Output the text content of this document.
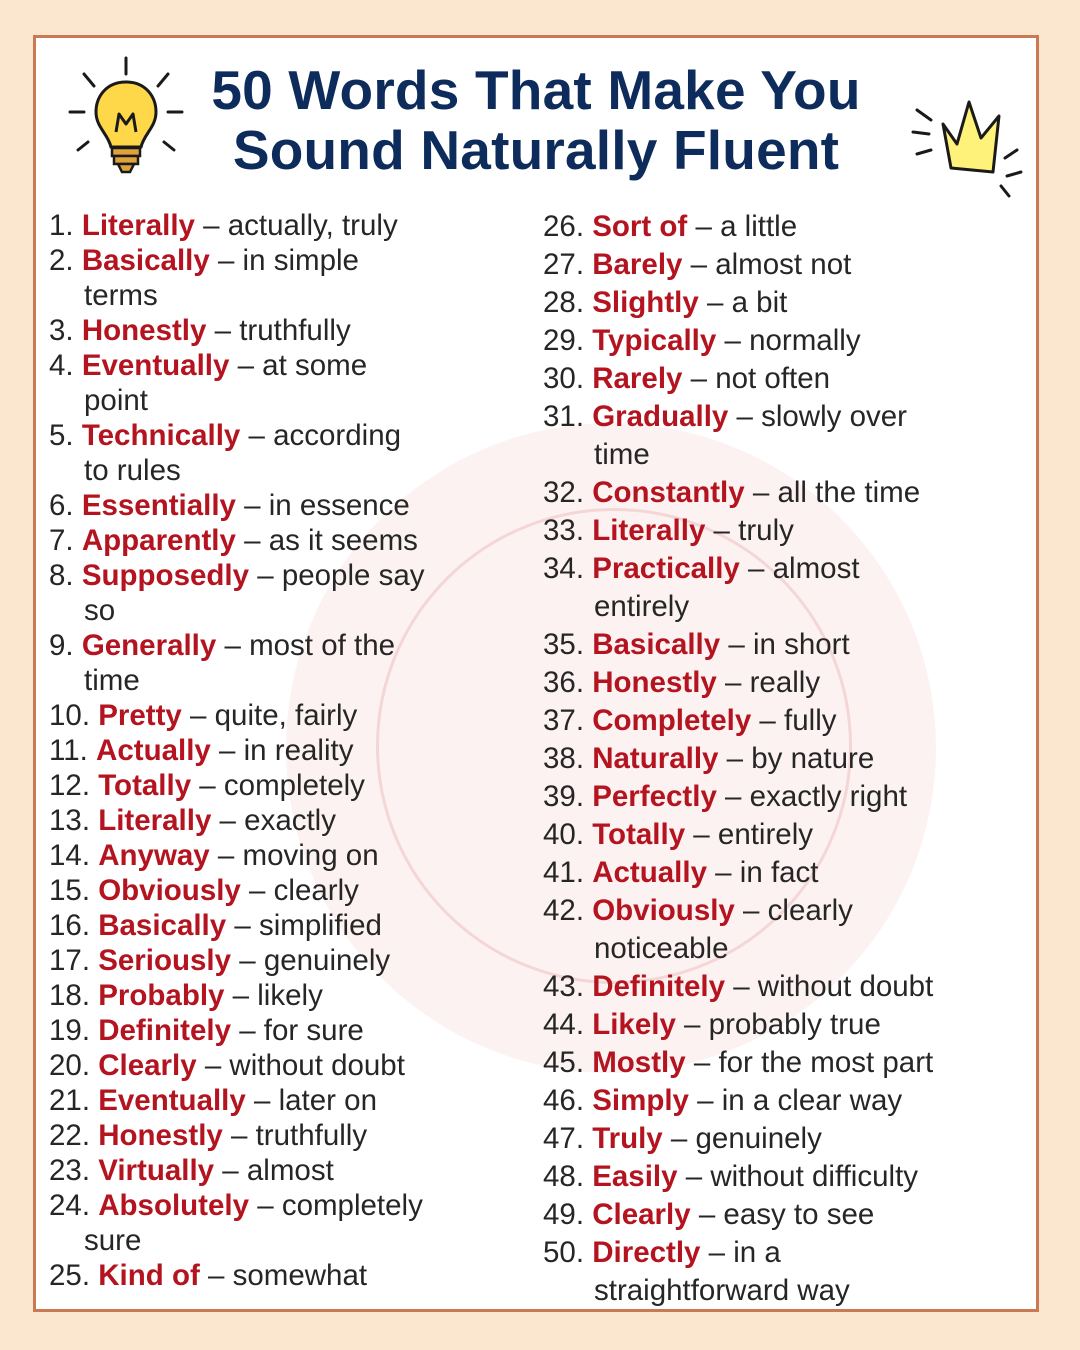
50 Words That Make You
Sound Naturally Fluent
1. Literally – actually, truly
2. Basically – in simple
terms
3. Honestly – truthfully
4. Eventually – at some
point
5. Technically – according
to rules
6. Essentially – in essence
7. Apparently – as it seems
8. Supposedly – people say
so
9. Generally – most of the
time
10. Pretty – quite, fairly
11. Actually – in reality
12. Totally – completely
13. Literally – exactly
14. Anyway – moving on
15. Obviously – clearly
16. Basically – simplified
17. Seriously – genuinely
18. Probably – likely
19. Definitely – for sure
20. Clearly – without doubt
21. Eventually – later on
22. Honestly – truthfully
23. Virtually – almost
24. Absolutely – completely
sure
25. Kind of – somewhat
26. Sort of – a little
27. Barely – almost not
28. Slightly – a bit
29. Typically – normally
30. Rarely – not often
31. Gradually – slowly over
time
32. Constantly – all the time
33. Literally – truly
34. Practically – almost
entirely
35. Basically – in short
36. Honestly – really
37. Completely – fully
38. Naturally – by nature
39. Perfectly – exactly right
40. Totally – entirely
41. Actually – in fact
42. Obviously – clearly
noticeable
43. Definitely – without doubt
44. Likely – probably true
45. Mostly – for the most part
46. Simply – in a clear way
47. Truly – genuinely
48. Easily – without difficulty
49. Clearly – easy to see
50. Directly – in a
straightforward way
